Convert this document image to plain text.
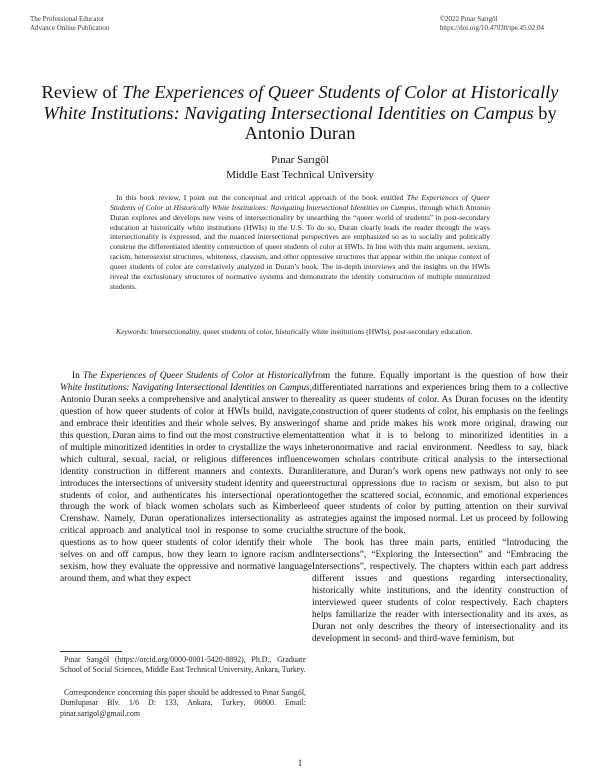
The Professional Educator
Advance Online Publication
©2022 Pınar Sarıgöl
https://doi.org/10.47038/tpe.45.02.04
Review of The Experiences of Queer Students of Color at Historically White Institutions: Navigating Intersectional Identities on Campus by Antonio Duran
Pınar Sarıgöl
Middle East Technical University

In this book review, I point out the conceptual and critical approach of the book entitled The Experiences of Queer Students of Color at Historically White Institutions: Navigating Intersectional Identities on Campus, through which Antonio Duran explores and develops new veins of intersectionality by unearthing the “queer world of students” in post-secondary education at historically white institutions (HWIs) in the U.S. To do so, Duran clearly leads the reader through the ways intersectionality is expressed, and the nuanced intersectional perspectives are emphasized so as to socially and politically construe the differentiated identity construction of queer students of color at HWIs. In line with this main argument, sexism, racism, heterosexist structures, whiteness, classism, and other oppressive structures that appear within the unique context of queer students of color are correlatively analyzed in Duran’s book. The in-depth interviews and the insights on the HWIs reveal the exclusionary structures of normative systems and demonstrate the identity construction of multiple minoritized students.

Keywords: Intersectionality, queer students of color, historically white institutions (HWIs), post-secondary education.

In The Experiences of Queer Students of Color at Historically White Institutions: Navigating Intersectional Identities on Campus, Antonio Duran seeks a comprehensive and analytical answer to the question of how queer students of color at HWIs build, navigate, and embrace their identities and their whole selves. By answering this question, Duran aims to find out the most constructive element of multiple minoritized identities in order to crystallize the ways in which cultural, sexual, racial, or religious differences influence identity construction in different manners and contexts. Duran introduces the intersections of university student identity and queer students of color, and authenticates his intersectional operation through the work of black women scholars such as Kimberlee Crenshaw. Namely, Duran operationalizes intersectionality as a critical approach and analytical tool in response to some crucial questions as to how queer students of color identify their whole selves on and off campus, how they learn to ignore racism and sexism, how they evaluate the oppressive and normative language around them, and what they expect

from the future. Equally important is the question of how their differentiated narrations and experiences bring them to a collective reality as queer students of color. As Duran focuses on the identity construction of queer students of color, his emphasis on the feelings of shame and pride makes his work more original, drawing our attention what it is to belong to minoritized identities in a heteronormative and racial environment. Needless to say, black women scholars contribute critical analysis to the intersectional literature, and Duran’s work opens new pathways not only to see structural oppressions due to racism or sexism, but also to put together the scattered social, economic, and emotional experiences of queer students of color by putting attention on their survival strategies against the imposed normal. Let us proceed by following the structure of the book.

The book has three main parts, entitled “Introducing the Intersections”, “Exploring the Intersection” and “Embracing the Intersections”, respectively. The chapters within each part address different issues and questions regarding intersectionality, historically white institutions, and the identity construction of interviewed queer students of color respectively. Each chapters helps familiarize the reader with intersectionality and its axes, as Duran not only describes the theory of intersectionality and its development in second- and third-wave feminism, but

Pınar Sarıgöl (https://orcid.org/0000-0001-5420-8892), Ph.D., Graduate School of Social Sciences, Middle East Technical University, Ankara, Turkey.

Correspondence concerning this paper should be addressed to Pınar Sarıgöl, Dumlupınar Blv. 1/6 D: 133, Ankara, Turkey, 06800. Email: pinar.sarigol@gmail.com

1
